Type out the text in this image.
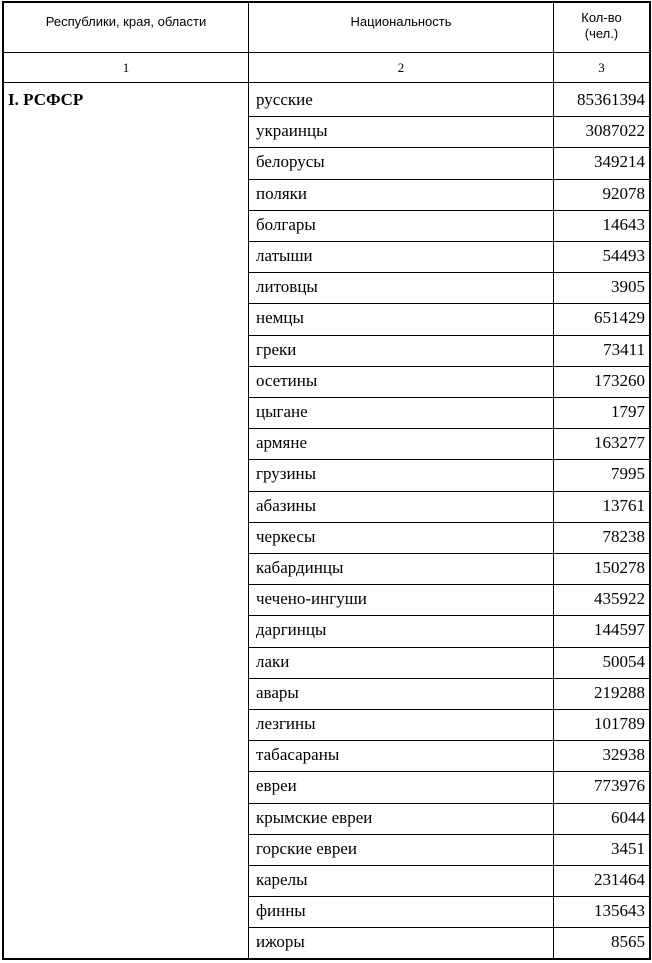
Республики, края, области	Национальность	Кол-во
(чел.)
1	2	3
I. РСФСР	русские	85361394
украинцы	3087022
белорусы	349214
поляки	92078
болгары	14643
латыши	54493
литовцы	3905
немцы	651429
греки	73411
осетины	173260
цыгане	1797
армяне	163277
грузины	7995
абазины	13761
черкесы	78238
кабардинцы	150278
чечено-ингуши	435922
даргинцы	144597
лаки	50054
авары	219288
лезгины	101789
табасараны	32938
евреи	773976
крымские евреи	6044
горские евреи	3451
карелы	231464
финны	135643
ижоры	8565
